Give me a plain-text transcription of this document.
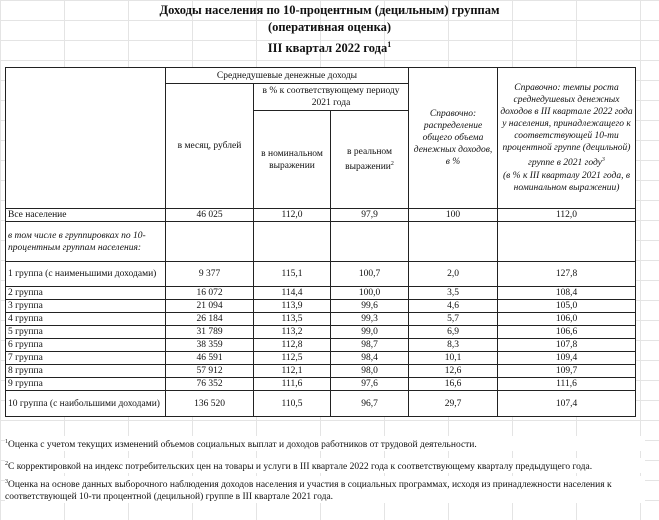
Доходы населения по 10-процентным (децильным) группам
(оперативная оценка)
III квартал 2022 года$^1$
	Среднедушевые денежные доходы			Справочно: распределение общего объема денежных доходов, в %	Справочно: темпы роста среднедушевых денежных доходов в III квартале 2022 года у населения, принадлежащего к соответствующей 10-ти процентной группе (децильной) группе в 2021 году$^3$
(в % к III кварталу 2021 года, в номинальном выражении)
	в месяц, рублей	в % к соответствующему периоду 2021 года			
		в номинальном выражении	в реальном выражении$^2$
Все население	46 025	112,0	97,9	100	112,0
в том числе в группировках по 10-процентным группам населения:					
1 группа (с наименьшими доходами)	9 377	115,1	100,7	2,0	127,8
2 группа	16 072	114,4	100,0	3,5	108,4
3 группа	21 094	113,9	99,6	4,6	105,0
4 группа	26 184	113,5	99,3	5,7	106,0
5 группа	31 789	113,2	99,0	6,9	106,6
6 группа	38 359	112,8	98,7	8,3	107,8
7 группа	46 591	112,5	98,4	10,1	109,4
8 группа	57 912	112,1	98,0	12,6	109,7
9 группа	76 352	111,6	97,6	16,6	111,6
10 группа (с наибольшими доходами)	136 520	110,5	96,7	29,7	107,4
$^1$Оценка с учетом текущих изменений объемов социальных выплат и доходов работников от трудовой деятельности.
$^2$С корректировкой на индекс потребительских цен на товары и услуги в III квартале 2022 года к соответствующему кварталу предыдущего года.
$^3$Оценка на основе данных выборочного наблюдения доходов населения и участия в социальных программах, исходя из принадлежности населения к соответствующей 10-ти процентной (децильной) группе в III квартале 2021 года.
